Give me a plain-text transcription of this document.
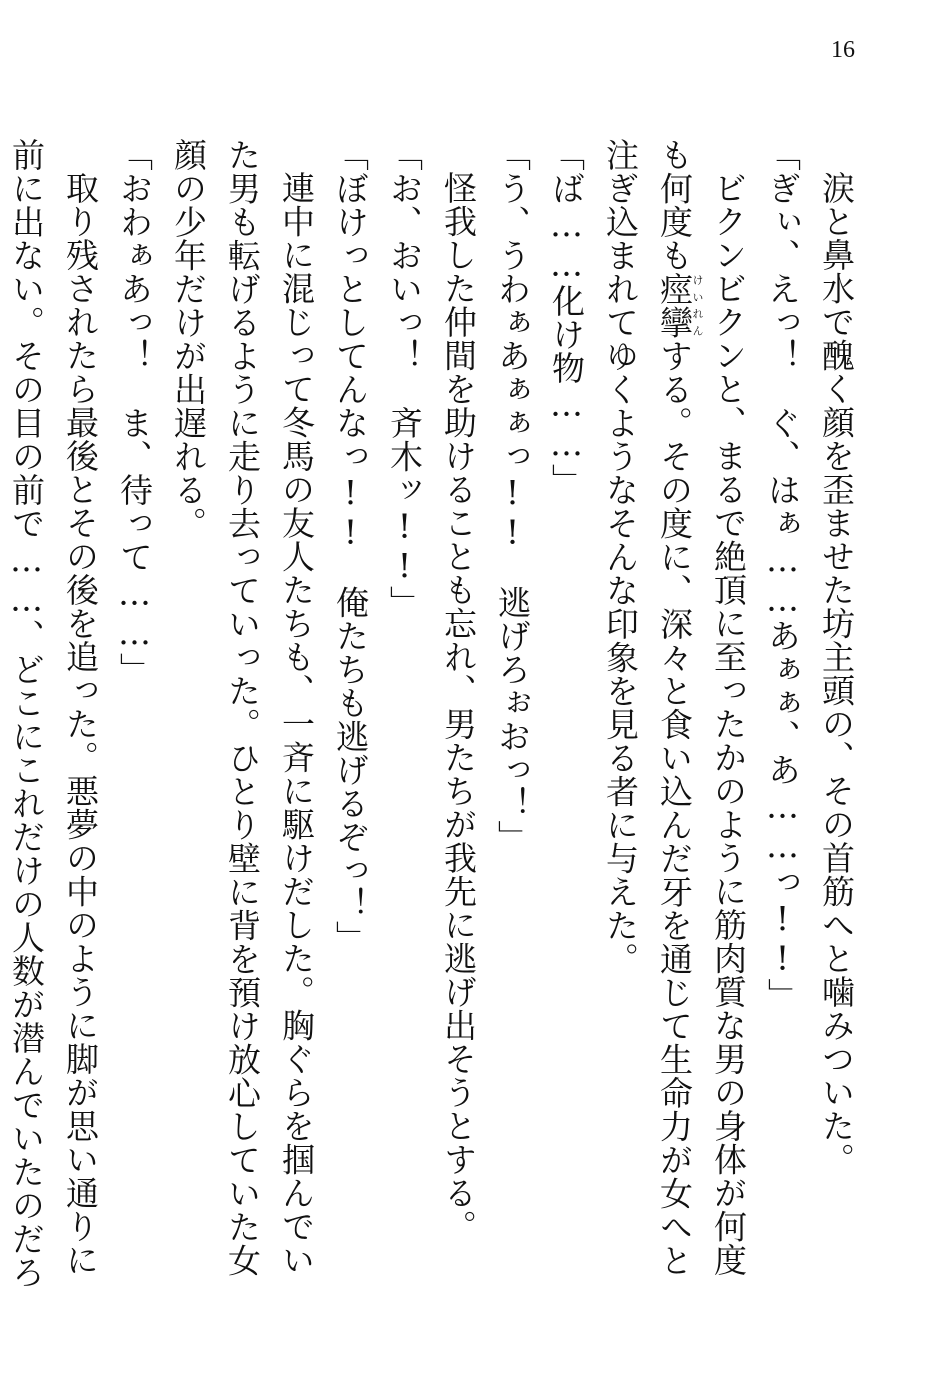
16

涙と鼻水で醜く顔を歪ませた坊主頭の、その首筋へと噛みついた。

「ぎぃ、えっ！　ぐ、はぁ……あぁぁ、あ……っ!!」

ビクンビクンと、まるで絶頂に至ったかのように筋肉質な男の身体が何度も何度も痙攣けいれんする。その度に、深々と食い込んだ牙を通じて生命力が女へと注ぎ込まれてゆくようなそんな印象を見る者に与えた。

「ば……化け物……」

「う、うわぁあぁぁっ!!　逃げろぉおっ！」

怪我した仲間を助けることも忘れ、男たちが我先に逃げ出そうとする。

「お、おいっ！　斉木ッ!!」

「ぼけっとしてんなっ!!　俺たちも逃げるぞっ！」

連中に混じって冬馬の友人たちも、一斉に駆けだした。胸ぐらを掴んでいた男も転げるように走り去っていった。ひとり壁に背を預け放心していた女顔の少年だけが出遅れる。

「おわぁあっ！　ま、待って……」

取り残されたら最後とその後を追った。悪夢の中のように脚が思い通りに前に出ない。その目の前で……、どこにこれだけの人数が潜んでいたのだろ
